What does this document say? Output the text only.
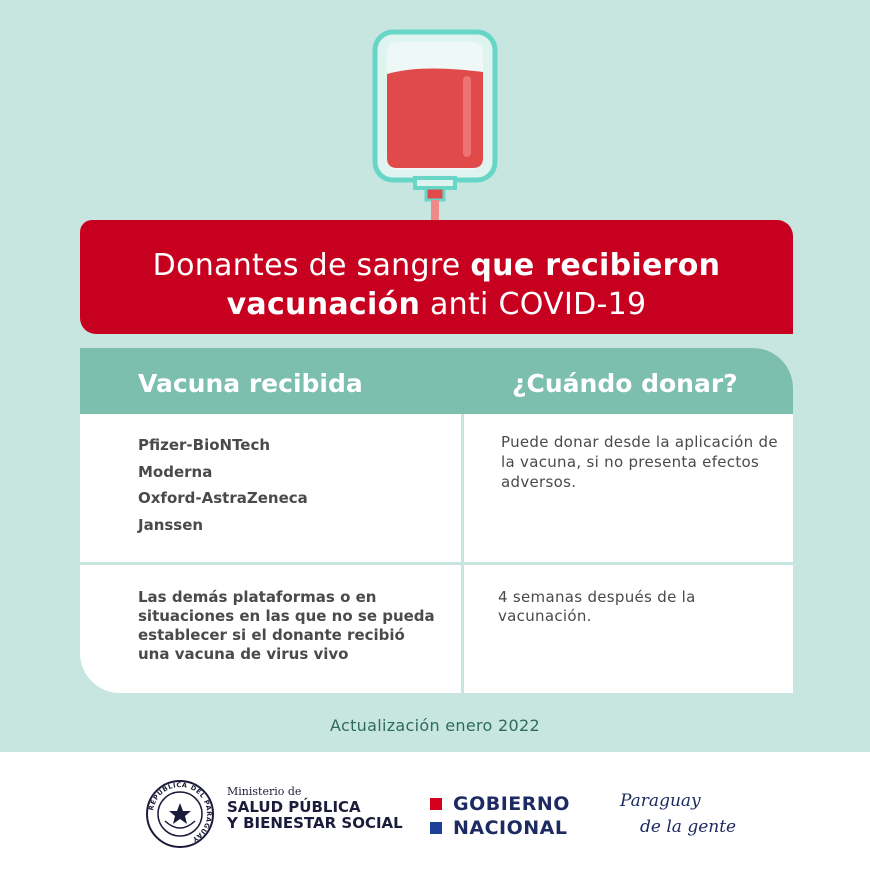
Donantes de sangre que recibieron
vacunación anti COVID-19
Vacuna recibida	¿Cuándo donar?
Pfizer-BioNTech
Moderna
Oxford-AstraZeneca
Janssen
Puede donar desde la aplicación de la vacuna, si no presenta efectos adversos.
Las demás plataformas o en situaciones en las que no se pueda establecer si el donante recibió una vacuna de virus vivo
4 semanas después de la vacunación.
Actualización enero 2022
REPÚBLICA DEL PARAGUAY
Ministerio de
SALUD PÚBLICA
Y BIENESTAR SOCIAL
GOBIERNO
NACIONAL
Paraguay
de la gente
